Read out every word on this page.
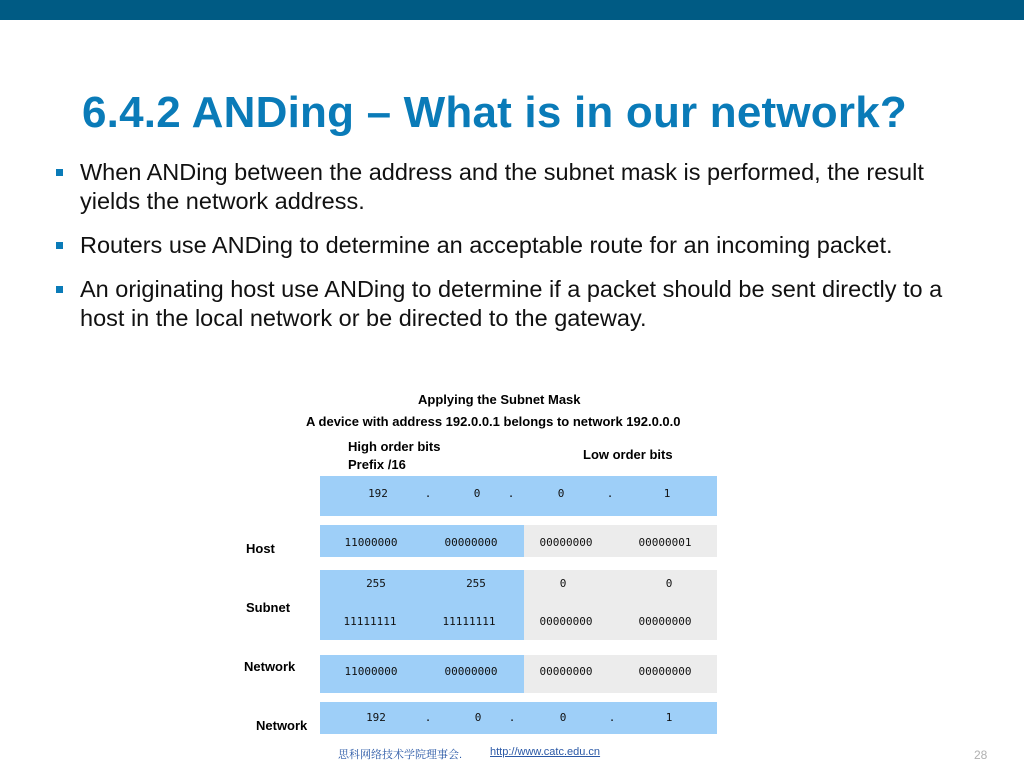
6.4.2 ANDing – What is in our network?
When ANDing between the address and the subnet mask is performed, the result yields the network address.
Routers use ANDing to determine an acceptable route for an incoming packet.
An originating host use ANDing to determine if a packet should be sent directly to a host in the local network or be directed to the gateway.
Applying the Subnet Mask
A device with address 192.0.0.1 belongs to network 192.0.0.0
High order bits
Prefix /16
Low order bits
192	.	0 .	0	.	1
Host	11000000	00000000	00000000	00000001
Subnet
255	255	0	0
11111111	11111111	00000000	00000000
Network	11000000	00000000	00000000	00000000
Network
192	.	0 .	0	.	1
思科网络技术学院理事会.	http://www.catc.edu.cn	28
